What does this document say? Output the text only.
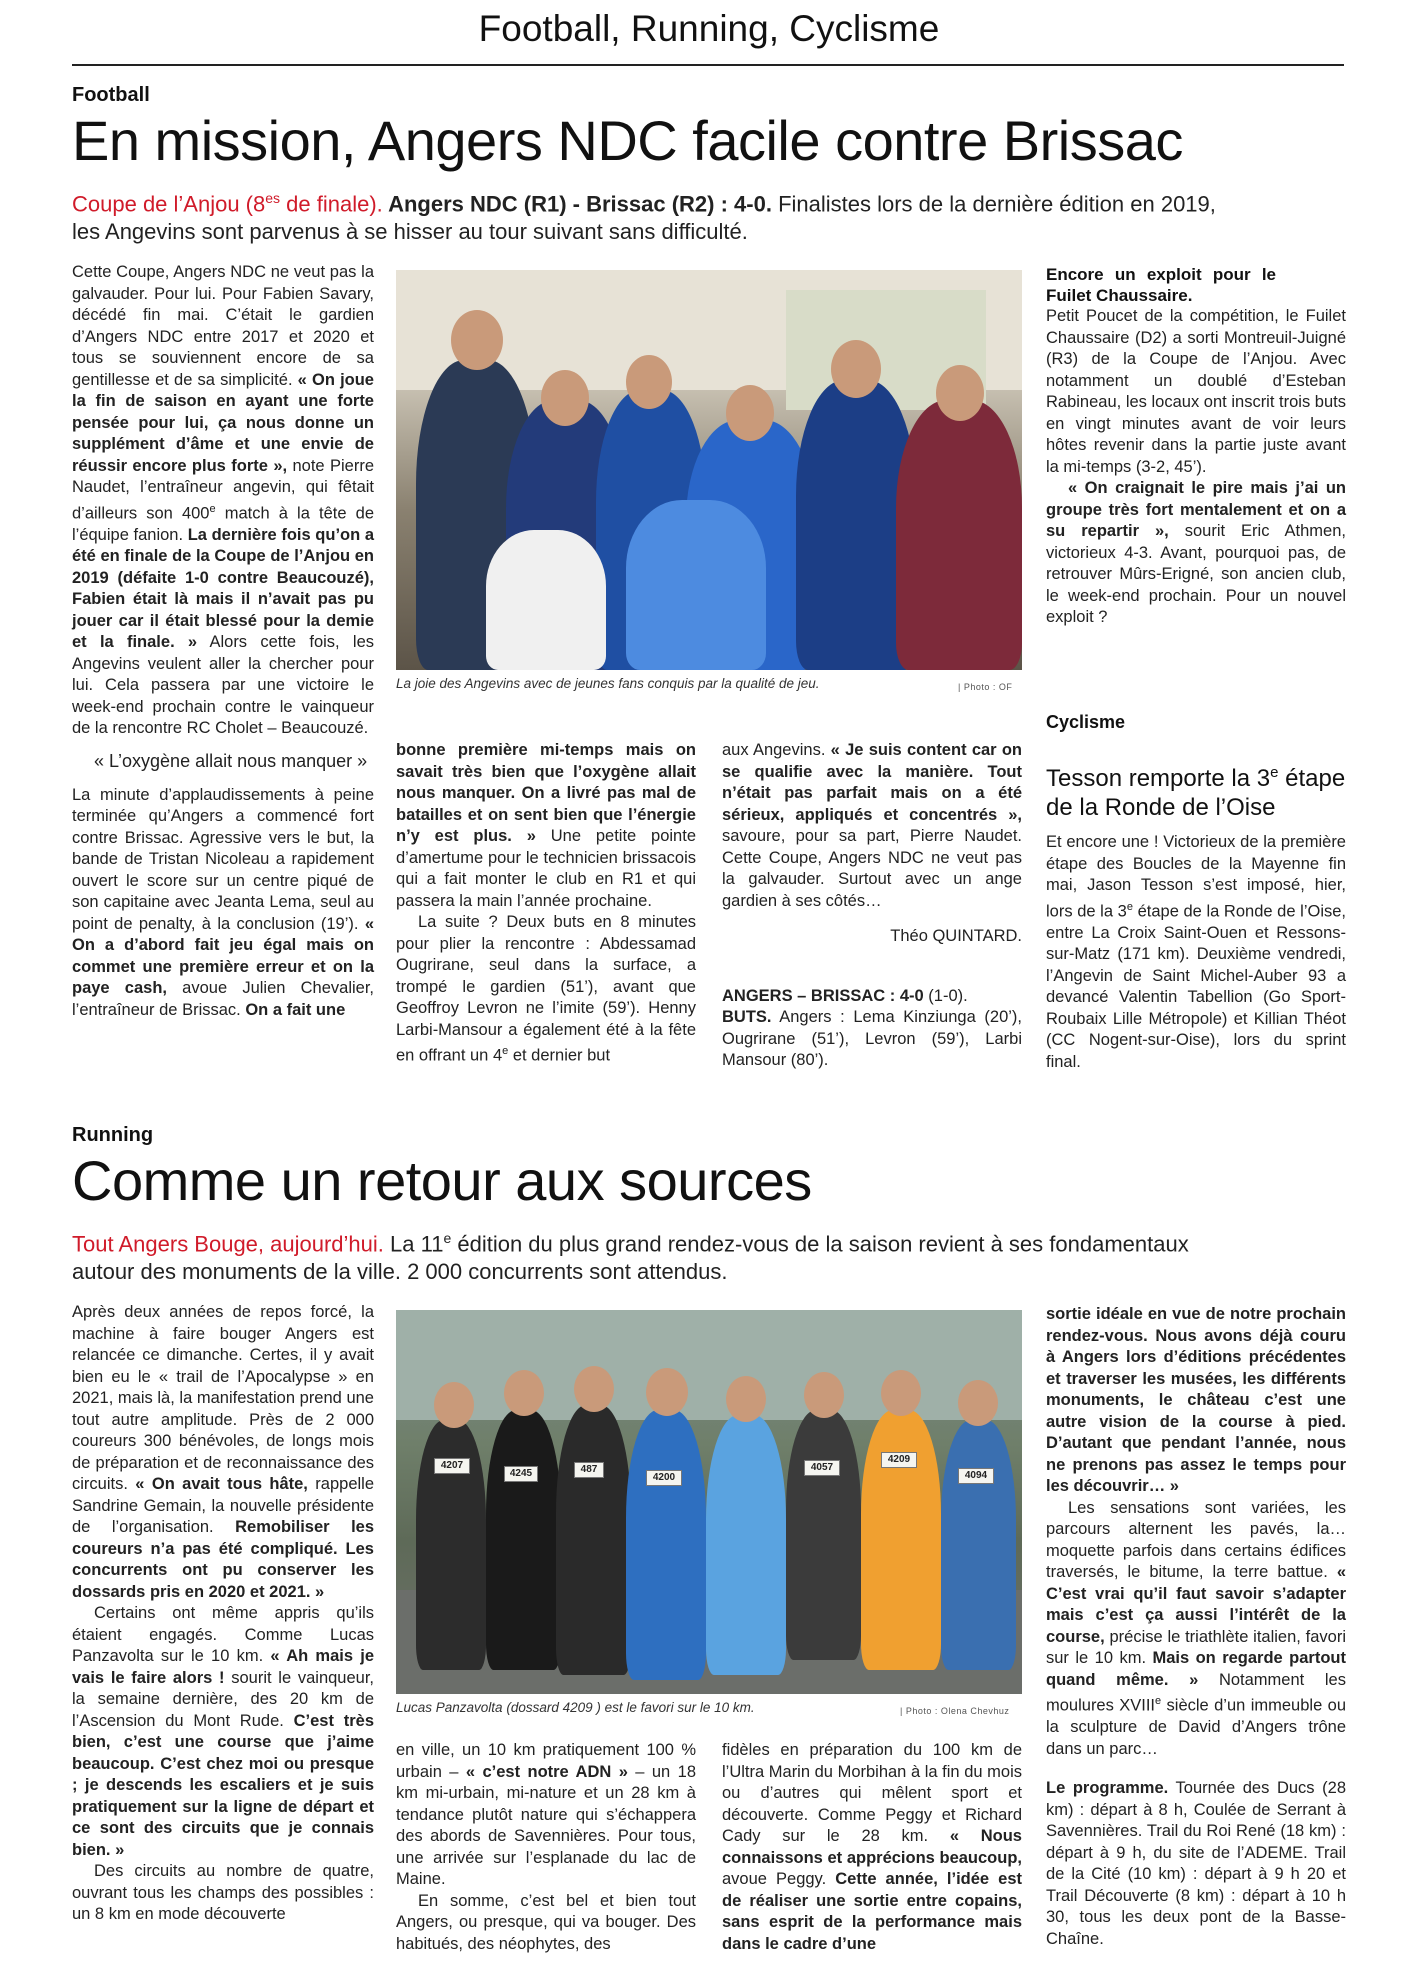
Football, Running, Cyclisme
Football
En mission, Angers NDC facile contre Brissac
Coupe de l’Anjou ($8^{es}$ de finale). Angers NDC (R1) - Brissac (R2) : 4-0. Finalistes lors de la dernière édition en 2019, les Angevins sont parvenus à se hisser au tour suivant sans difficulté.

Cette Coupe, Angers NDC ne veut pas la galvauder. Pour lui. Pour Fabien Savary, décédé fin mai. C’était le gardien d’Angers NDC entre 2017 et 2020 et tous se souviennent encore de sa gentillesse et de sa simplicité. « On joue la fin de saison en ayant une forte pensée pour lui, ça nous donne un supplément d’âme et une envie de réussir encore plus forte », note Pierre Naudet, l’entraîneur angevin, qui fêtait d’ailleurs son 400e match à la tête de l’équipe fanion. La dernière fois qu’on a été en finale de la Coupe de l’Anjou en 2019 (défaite 1-0 contre Beaucouzé), Fabien était là mais il n’avait pas pu jouer car il était blessé pour la demie et la finale. » Alors cette fois, les Angevins veulent aller la chercher pour lui. Cela passera par une victoire le week-end prochain contre le vainqueur de la rencontre RC Cholet – Beaucouzé.

« L’oxygène allait nous manquer »

La minute d’applaudissements à peine terminée qu’Angers a commencé fort contre Brissac. Agressive vers le but, la bande de Tristan Nicoleau a rapidement ouvert le score sur un centre piqué de son capitaine avec Jeanta Lema, seul au point de penalty, à la conclusion (19’). « On a d’abord fait jeu égal mais on commet une première erreur et on la paye cash, avoue Julien Chevalier, l’entraîneur de Brissac. On a fait une

La joie des Angevins avec de jeunes fans conquis par la qualité de jeu.	| Photo : OF

bonne première mi-temps mais on savait très bien que l’oxygène allait nous manquer. On a livré pas mal de batailles et on sent bien que l’énergie n’y est plus. » Une petite pointe d’amertume pour le technicien brissacois qui a fait monter le club en R1 et qui passera la main l’année prochaine.

La suite ? Deux buts en 8 minutes pour plier la rencontre : Abdessamad Ougrirane, seul dans la surface, a trompé le gardien (51’), avant que Geoffroy Levron ne l’imite (59’). Henny Larbi-Mansour a également été à la fête en offrant un 4e et dernier but

aux Angevins. « Je suis content car on se qualifie avec la manière. Tout n’était pas parfait mais on a été sérieux, appliqués et concentrés », savoure, pour sa part, Pierre Naudet. Cette Coupe, Angers NDC ne veut pas la galvauder. Surtout avec un ange gardien à ses côtés…

Théo QUINTARD.

ANGERS – BRISSAC : 4-0 (1-0).

BUTS. Angers : Lema Kinziunga (20’), Ougrirane (51’), Levron (59’), Larbi Mansour (80’).

Encore un exploit pour le Fuilet Chaussaire.

Petit Poucet de la compétition, le Fuilet Chaussaire (D2) a sorti Montreuil-Juigné (R3) de la Coupe de l’Anjou. Avec notamment un doublé d’Esteban Rabineau, les locaux ont inscrit trois buts en vingt minutes avant de voir leurs hôtes revenir dans la partie juste avant la mi-temps (3-2, 45’).

« On craignait le pire mais j’ai un groupe très fort mentalement et on a su repartir », sourit Eric Athmen, victorieux 4-3. Avant, pourquoi pas, de retrouver Mûrs-Erigné, son ancien club, le week-end prochain. Pour un nouvel exploit ?

Cyclisme
Tesson remporte la 3e étape de la Ronde de l’Oise

Et encore une ! Victorieux de la première étape des Boucles de la Mayenne fin mai, Jason Tesson s’est imposé, hier, lors de la 3e étape de la Ronde de l’Oise, entre La Croix Saint-Ouen et Ressons-sur-Matz (171 km). Deuxième vendredi, l’Angevin de Saint Michel-Auber 93 a devancé Valentin Tabellion (Go Sport-Roubaix Lille Métropole) et Killian Théot (CC Nogent-sur-Oise), lors du sprint final.

Running
Comme un retour aux sources
Tout Angers Bouge, aujourd’hui. La 11e édition du plus grand rendez-vous de la saison revient à ses fondamentaux autour des monuments de la ville. 2 000 concurrents sont attendus.

Après deux années de repos forcé, la machine à faire bouger Angers est relancée ce dimanche. Certes, il y avait bien eu le « trail de l’Apocalypse » en 2021, mais là, la manifestation prend une tout autre amplitude. Près de 2 000 coureurs 300 bénévoles, de longs mois de préparation et de reconnaissance des circuits. « On avait tous hâte, rappelle Sandrine Gemain, la nouvelle présidente de l’organisation. Remobiliser les coureurs n’a pas été compliqué. Les concurrents ont pu conserver les dossards pris en 2020 et 2021. »

Certains ont même appris qu’ils étaient engagés. Comme Lucas Panzavolta sur le 10 km. « Ah mais je vais le faire alors ! sourit le vainqueur, la semaine dernière, des 20 km de l’Ascension du Mont Rude. C’est très bien, c’est une course que j’aime beaucoup. C’est chez moi ou presque ; je descends les escaliers et je suis pratiquement sur la ligne de départ et ce sont des circuits que je connais bien. »

Des circuits au nombre de quatre, ouvrant tous les champs des possibles : un 8 km en mode découverte

4207
4209
4057
4094
4200
487
4245
Lucas Panzavolta (dossard 4209 ) est le favori sur le 10 km.	| Photo : Olena Chevhuz

en ville, un 10 km pratiquement 100 % urbain – « c’est notre ADN » – un 18 km mi-urbain, mi-nature et un 28 km à tendance plutôt nature qui s’échappera des abords de Savennières. Pour tous, une arrivée sur l’esplanade du lac de Maine.

En somme, c’est bel et bien tout Angers, ou presque, qui va bouger. Des habitués, des néophytes, des

fidèles en préparation du 100 km de l’Ultra Marin du Morbihan à la fin du mois ou d’autres qui mêlent sport et découverte. Comme Peggy et Richard Cady sur le 28 km. « Nous connaissons et apprécions beaucoup, avoue Peggy. Cette année, l’idée est de réaliser une sortie entre copains, sans esprit de la performance mais dans le cadre d’une

sortie idéale en vue de notre prochain rendez-vous. Nous avons déjà couru à Angers lors d’éditions précédentes et traverser les musées, les différents monuments, le château c’est une autre vision de la course à pied. D’autant que pendant l’année, nous ne prenons pas assez le temps pour les découvrir… »

Les sensations sont variées, les parcours alternent les pavés, la… moquette parfois dans certains édifices traversés, le bitume, la terre battue. « C’est vrai qu’il faut savoir s’adapter mais c’est ça aussi l’intérêt de la course, précise le triathlète italien, favori sur le 10 km. Mais on regarde partout quand même. » Notamment les moulures XVIIIe siècle d’un immeuble ou la sculpture de David d’Angers trône dans un parc…

Le programme. Tournée des Ducs (28 km) : départ à 8 h, Coulée de Serrant à Savennières. Trail du Roi René (18 km) : départ à 9 h, du site de l’ADEME. Trail de la Cité (10 km) : départ à 9 h 20 et Trail Découverte (8 km) : départ à 10 h 30, tous les deux pont de la Basse-Chaîne.
